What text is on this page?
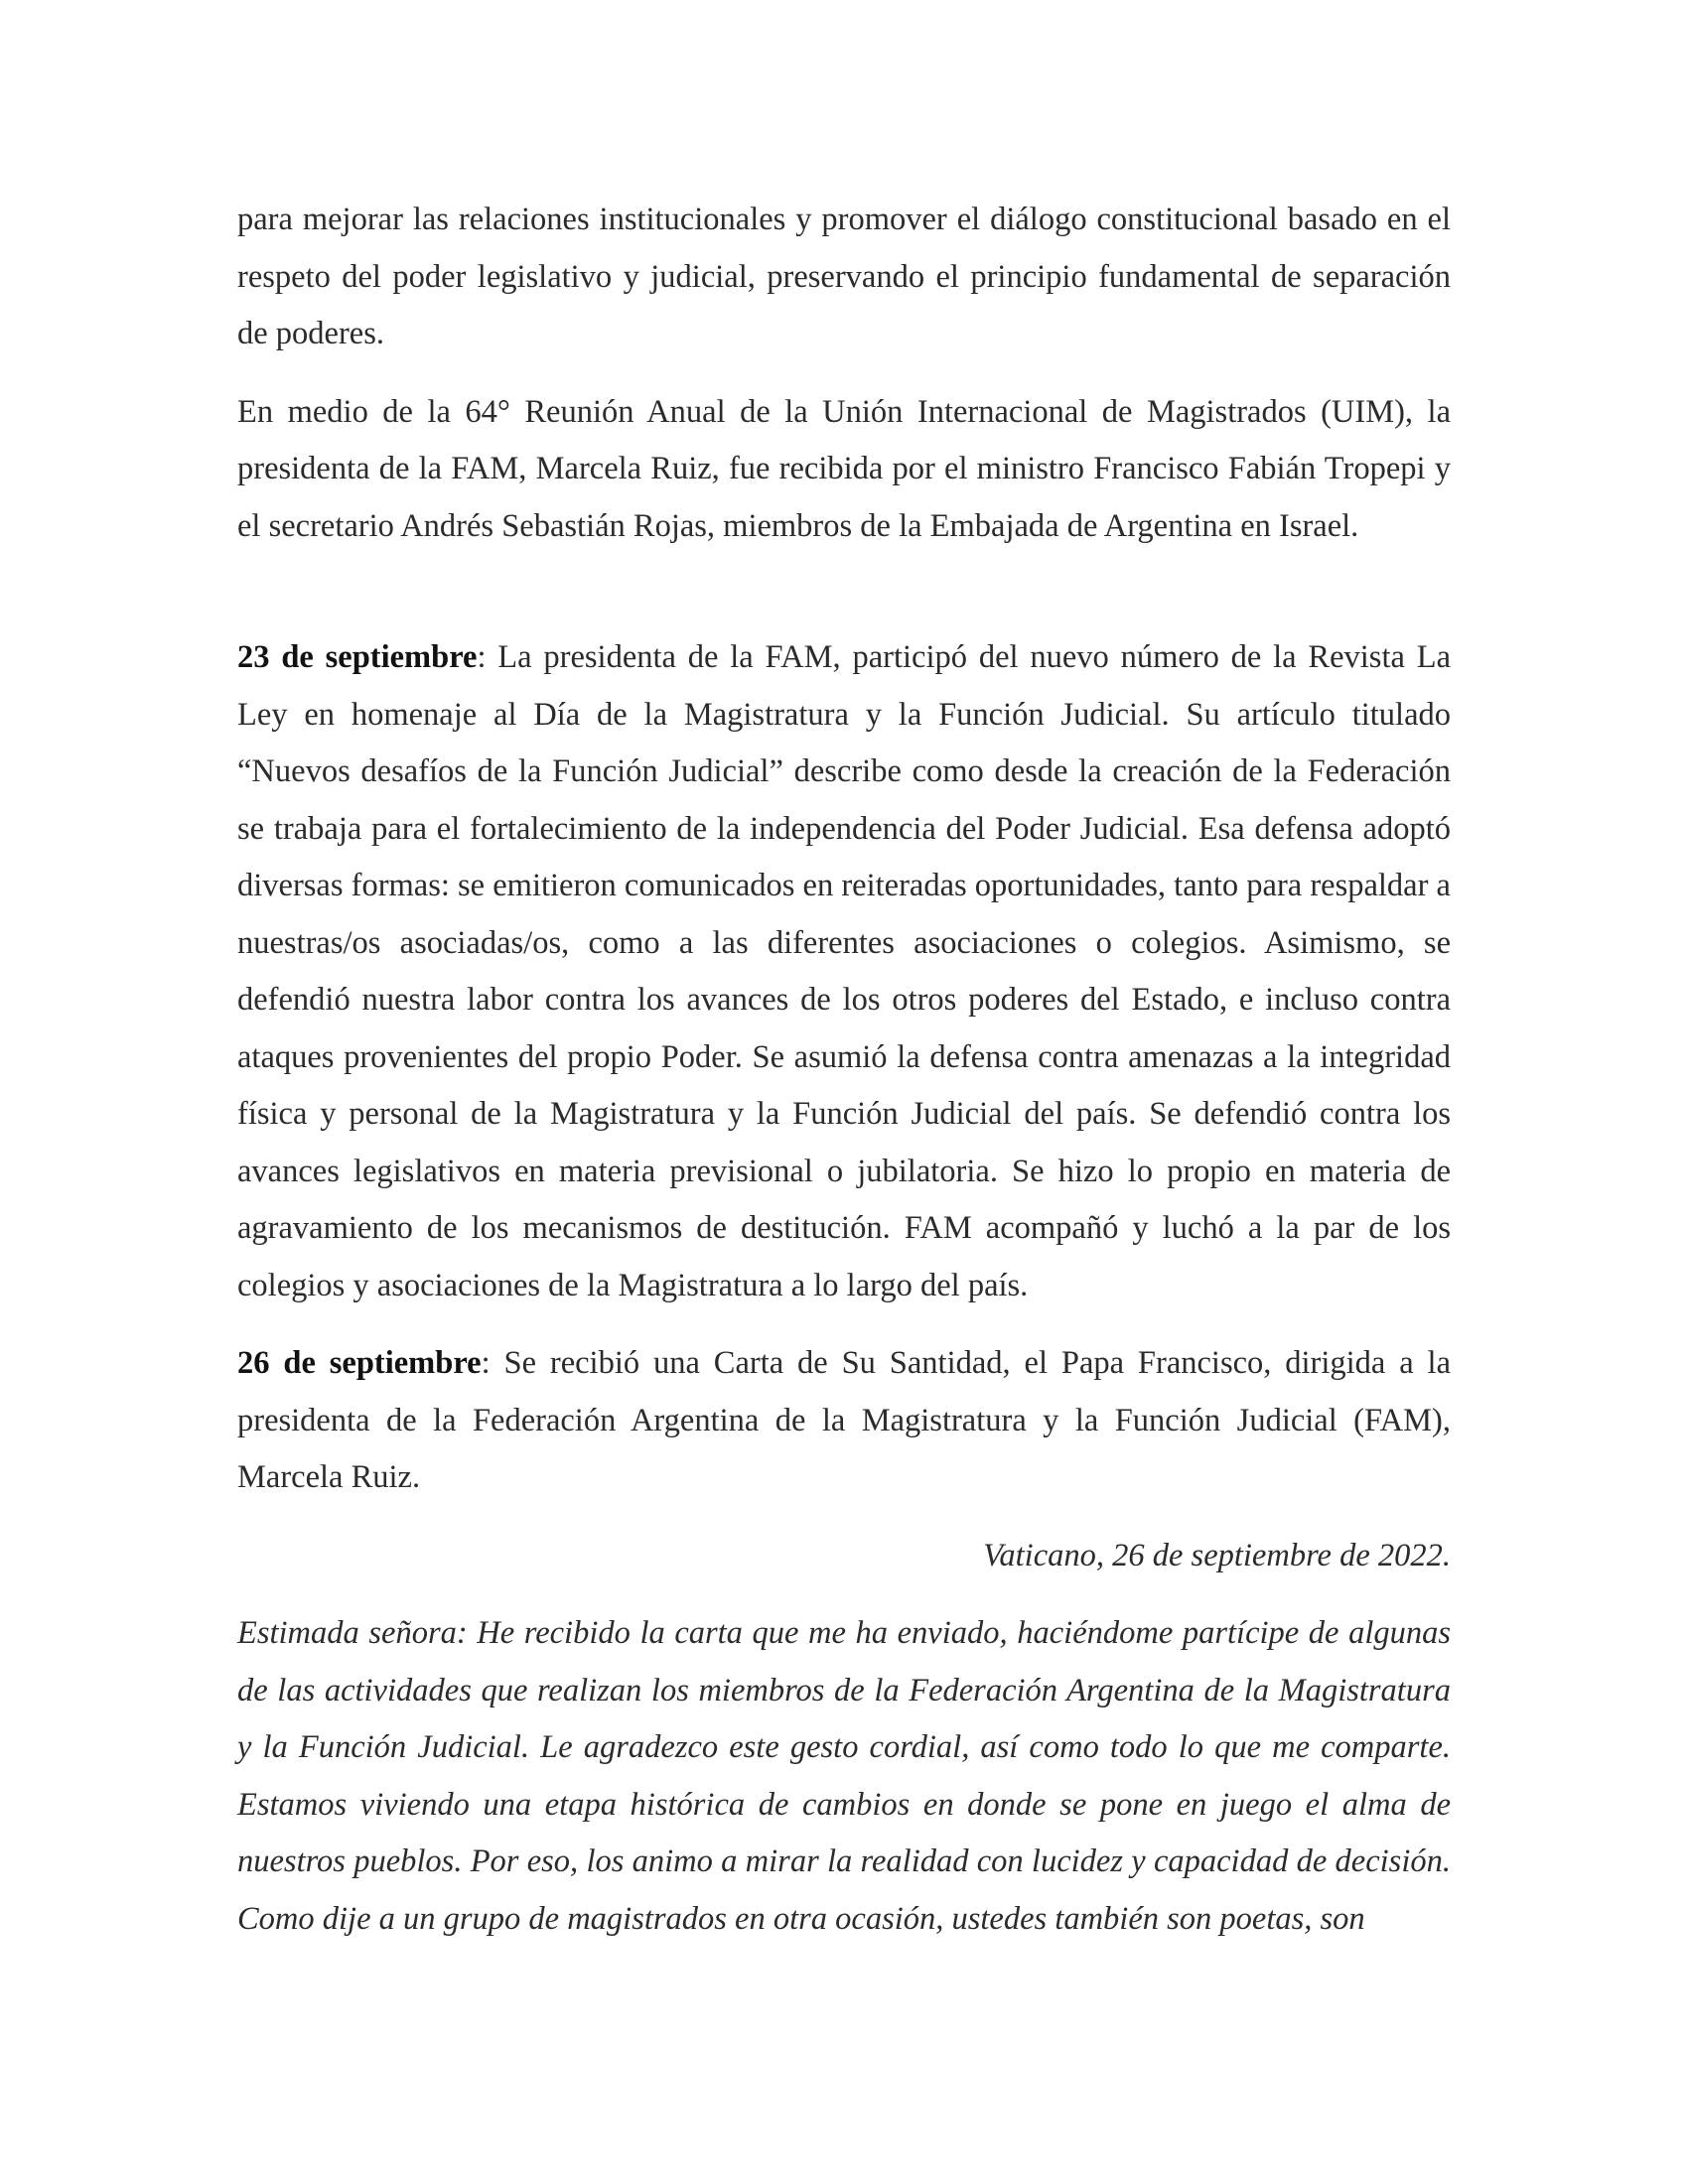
para mejorar las relaciones institucionales y promover el diálogo constitucional basado en el respeto del poder legislativo y judicial, preservando el principio fundamental de separación de poderes.

En medio de la 64° Reunión Anual de la Unión Internacional de Magistrados (UIM), la presidenta de la FAM, Marcela Ruiz, fue recibida por el ministro Francisco Fabián Tropepi y el secretario Andrés Sebastián Rojas, miembros de la Embajada de Argentina en Israel.

23 de septiembre: La presidenta de la FAM, participó del nuevo número de la Revista La Ley en homenaje al Día de la Magistratura y la Función Judicial. Su artículo titulado “Nuevos desafíos de la Función Judicial” describe como desde la creación de la Federación se trabaja para el fortalecimiento de la independencia del Poder Judicial. Esa defensa adoptó diversas formas: se emitieron comunicados en reiteradas oportunidades, tanto para respaldar a nuestras/os asociadas/os, como a las diferentes asociaciones o colegios. Asimismo, se defendió nuestra labor contra los avances de los otros poderes del Estado, e incluso contra ataques provenientes del propio Poder. Se asumió la defensa contra amenazas a la integridad física y personal de la Magistratura y la Función Judicial del país. Se defendió contra los avances legislativos en materia previsional o jubilatoria. Se hizo lo propio en materia de agravamiento de los mecanismos de destitución. FAM acompañó y luchó a la par de los colegios y asociaciones de la Magistratura a lo largo del país.

26 de septiembre: Se recibió una Carta de Su Santidad, el Papa Francisco, dirigida a la presidenta de la Federación Argentina de la Magistratura y la Función Judicial (FAM), Marcela Ruiz.

Vaticano, 26 de septiembre de 2022.

Estimada señora: He recibido la carta que me ha enviado, haciéndome partícipe de algunas de las actividades que realizan los miembros de la Federación Argentina de la Magistratura y la Función Judicial. Le agradezco este gesto cordial, así como todo lo que me comparte. Estamos viviendo una etapa histórica de cambios en donde se pone en juego el alma de nuestros pueblos. Por eso, los animo a mirar la realidad con lucidez y capacidad de decisión. Como dije a un grupo de magistrados en otra ocasión, ustedes también son poetas, son
